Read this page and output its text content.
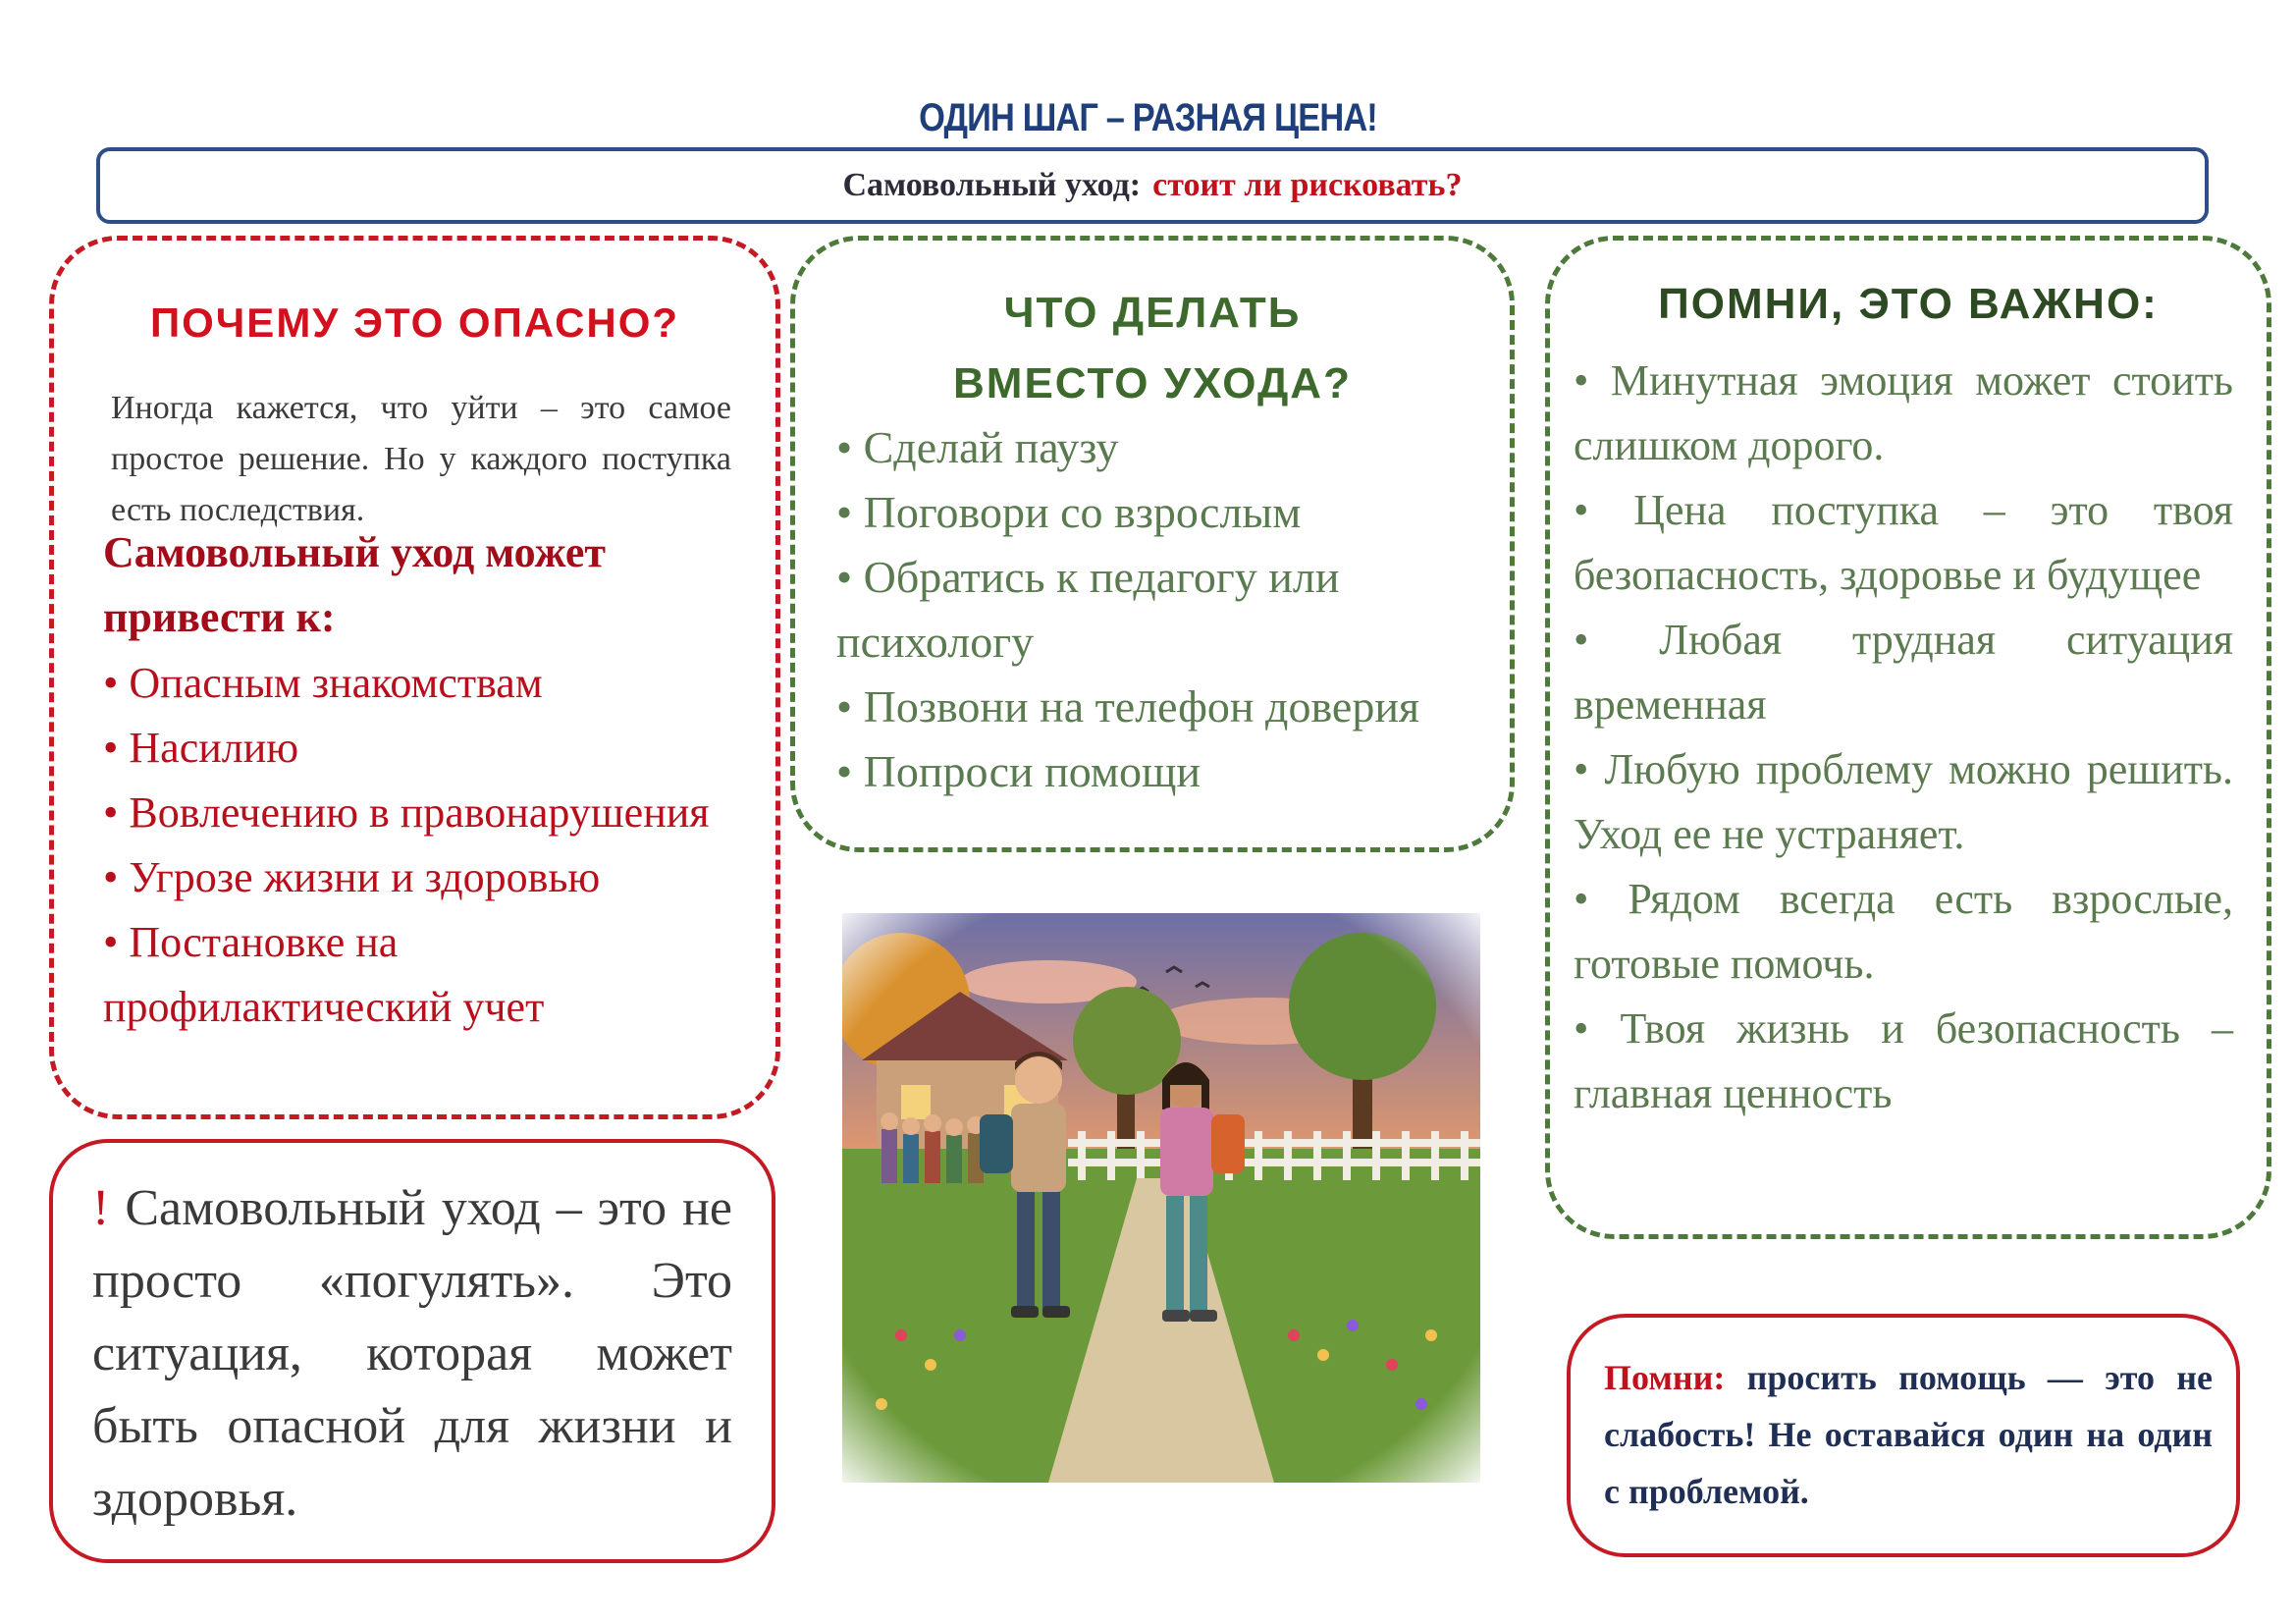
ОДИН ШАГ – РАЗНАЯ ЦЕНА!
Самовольный уход: стоит ли рисковать?
ПОЧЕМУ ЭТО ОПАСНО?
Иногда кажется, что уйти – это самое простое решение. Но у каждого поступка есть последствия.
Самовольный уход может привести к:
• Опасным знакомствам
• Насилию
• Вовлечению в правонарушения
• Угрозе жизни и здоровью
• Постановке на профилактический учет
ЧТО ДЕЛАТЬ
ВМЕСТО УХОДА?
• Сделай паузу
• Поговори со взрослым
• Обратись к педагогу или психологу
• Позвони на телефон доверия
• Попроси помощи
ПОМНИ, ЭТО ВАЖНО:
• Минутная эмоция может стоить слишком дорого.
• Цена поступка – это твоя безопасность, здоровье и будущее
• Любая трудная ситуация временная
• Любую проблему можно решить. Уход ее не устраняет.
• Рядом всегда есть взрослые, готовые помочь.
• Твоя жизнь и безопасность – главная ценность
! Самовольный уход – это не просто «погулять». Это ситуация, которая может быть опасной для жизни и здоровья.
Помни: просить помощь — это не слабость! Не оставайся один на один с проблемой.
